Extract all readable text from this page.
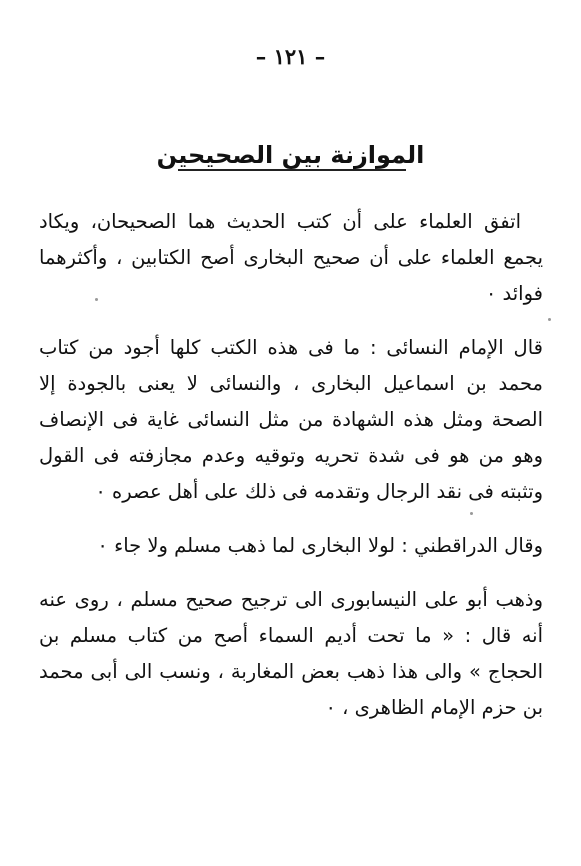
– ١٢١ –
الموازنة بين الصحيحين

اتفق العلماء على أن كتب الحديث هما الصحيحان، ويكاد يجمع العلماء على أن صحيح البخارى أصح الكتابين ، وأكثرهما فوائد ٠

قال الإمام النسائى : ما فى هذه الكتب كلها أجود من كتاب محمد بن اسماعيل البخارى ، والنسائى لا يعنى بالجودة إلا الصحة ومثل هذه الشهادة من مثل النسائى غاية فى الإنصاف وهو من هو فى شدة تحريه وتوقيه وعدم مجازفته فى القول وتثبته فى نقد الرجال وتقدمه فى ذلك على أهل عصره ٠

وقال الدراقطني : لولا البخارى لما ذهب مسلم ولا جاء ٠

وذهب أبو على النيسابورى الى ترجيح صحيح مسلم ، روى عنه أنه قال : « ما تحت أديم السماء أصح من كتاب مسلم بن الحجاج » والى هذا ذهب بعض المغاربة ، ونسب الى أبى محمد بن حزم الإمام الظاهرى ، ٠
